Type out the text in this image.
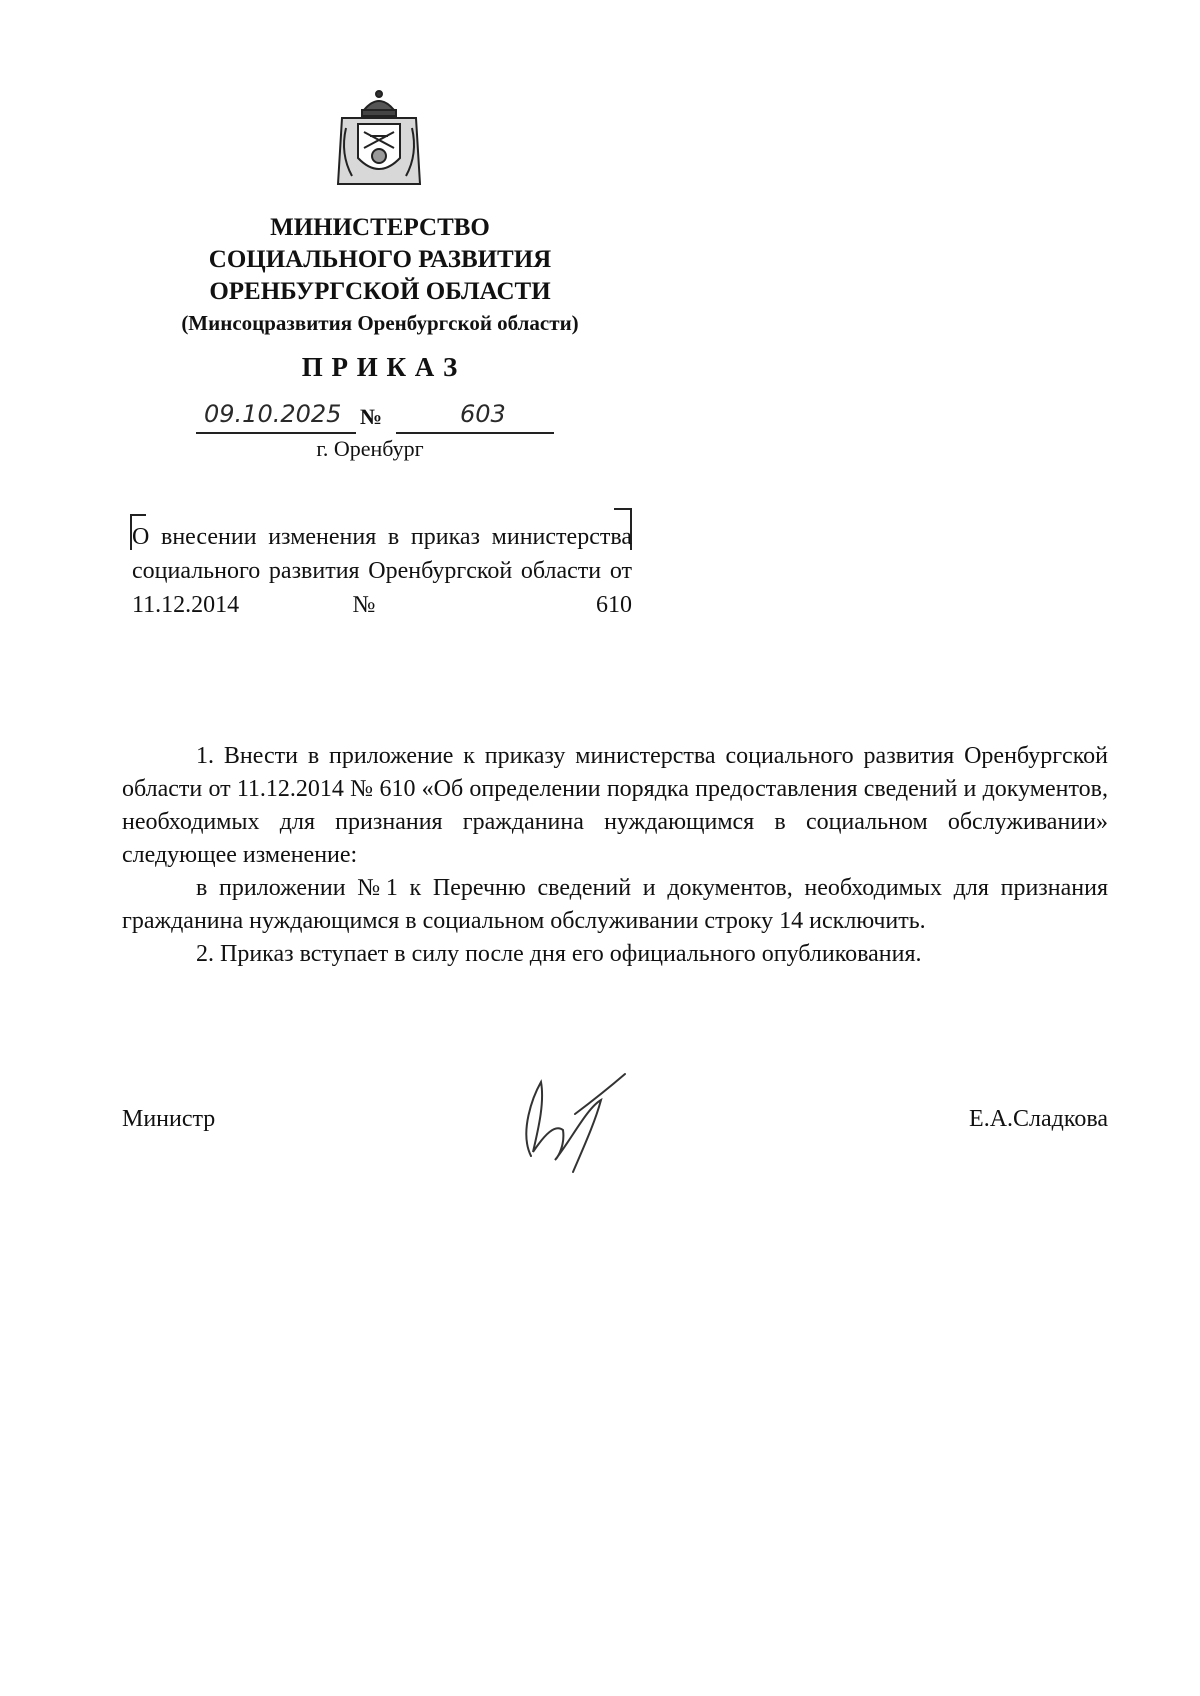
МИНИСТЕРСТВО
СОЦИАЛЬНОГО РАЗВИТИЯ
ОРЕНБУРГСКОЙ ОБЛАСТИ
(Минсоцразвития Оренбургской области)
П Р И К А З
09.10.2025 №	603
г. Оренбург
О внесении изменения в приказ министерства социального развития Оренбургской области от 11.12.2014 № 610

1. Внести в приложение к приказу министерства социального развития Оренбургской области от 11.12.2014 № 610 «Об определении порядка предоставления сведений и документов, необходимых для признания гражданина нуждающимся в социальном обслуживании» следующее изменение:

в приложении №1 к Перечню сведений и документов, необходимых для признания гражданина нуждающимся в социальном обслуживании строку 14 исключить.

2. Приказ вступает в силу после дня его официального опубликования.

Министр	Е.А.Сладкова
